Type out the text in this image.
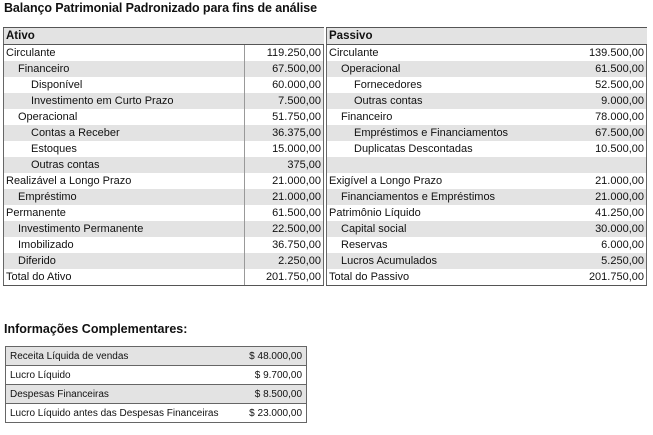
Balanço Patrimonial Padronizado para fins de análise
Ativo	
Circulante	119.250,00
Financeiro	67.500,00
Disponível	60.000,00
Investimento em Curto Prazo	7.500,00
Operacional	51.750,00
Contas a Receber	36.375,00
Estoques	15.000,00
Outras contas	375,00
Realizável a Longo Prazo	21.000,00
Empréstimo	21.000,00
Permanente	61.500,00
Investimento Permanente	22.500,00
Imobilizado	36.750,00
Diferido	2.250,00
Total do Ativo	201.750,00
Passivo	
Circulante	139.500,00
Operacional	61.500,00
Fornecedores	52.500,00
Outras contas	9.000,00
Financeiro	78.000,00
Empréstimos e Financiamentos	67.500,00
Duplicatas Descontadas	10.500,00

Exigível a Longo Prazo	21.000,00
Financiamentos e Empréstimos	21.000,00
Patrimônio Líquido	41.250,00
Capital social	30.000,00
Reservas	6.000,00
Lucros Acumulados	5.250,00
Total do Passivo	201.750,00
Informações Complementares:
Receita Líquida de vendas	$ 48.000,00
Lucro Líquido	$ 9.700,00
Despesas Financeiras	$ 8.500,00
Lucro Líquido antes das Despesas Financeiras	$ 23.000,00
